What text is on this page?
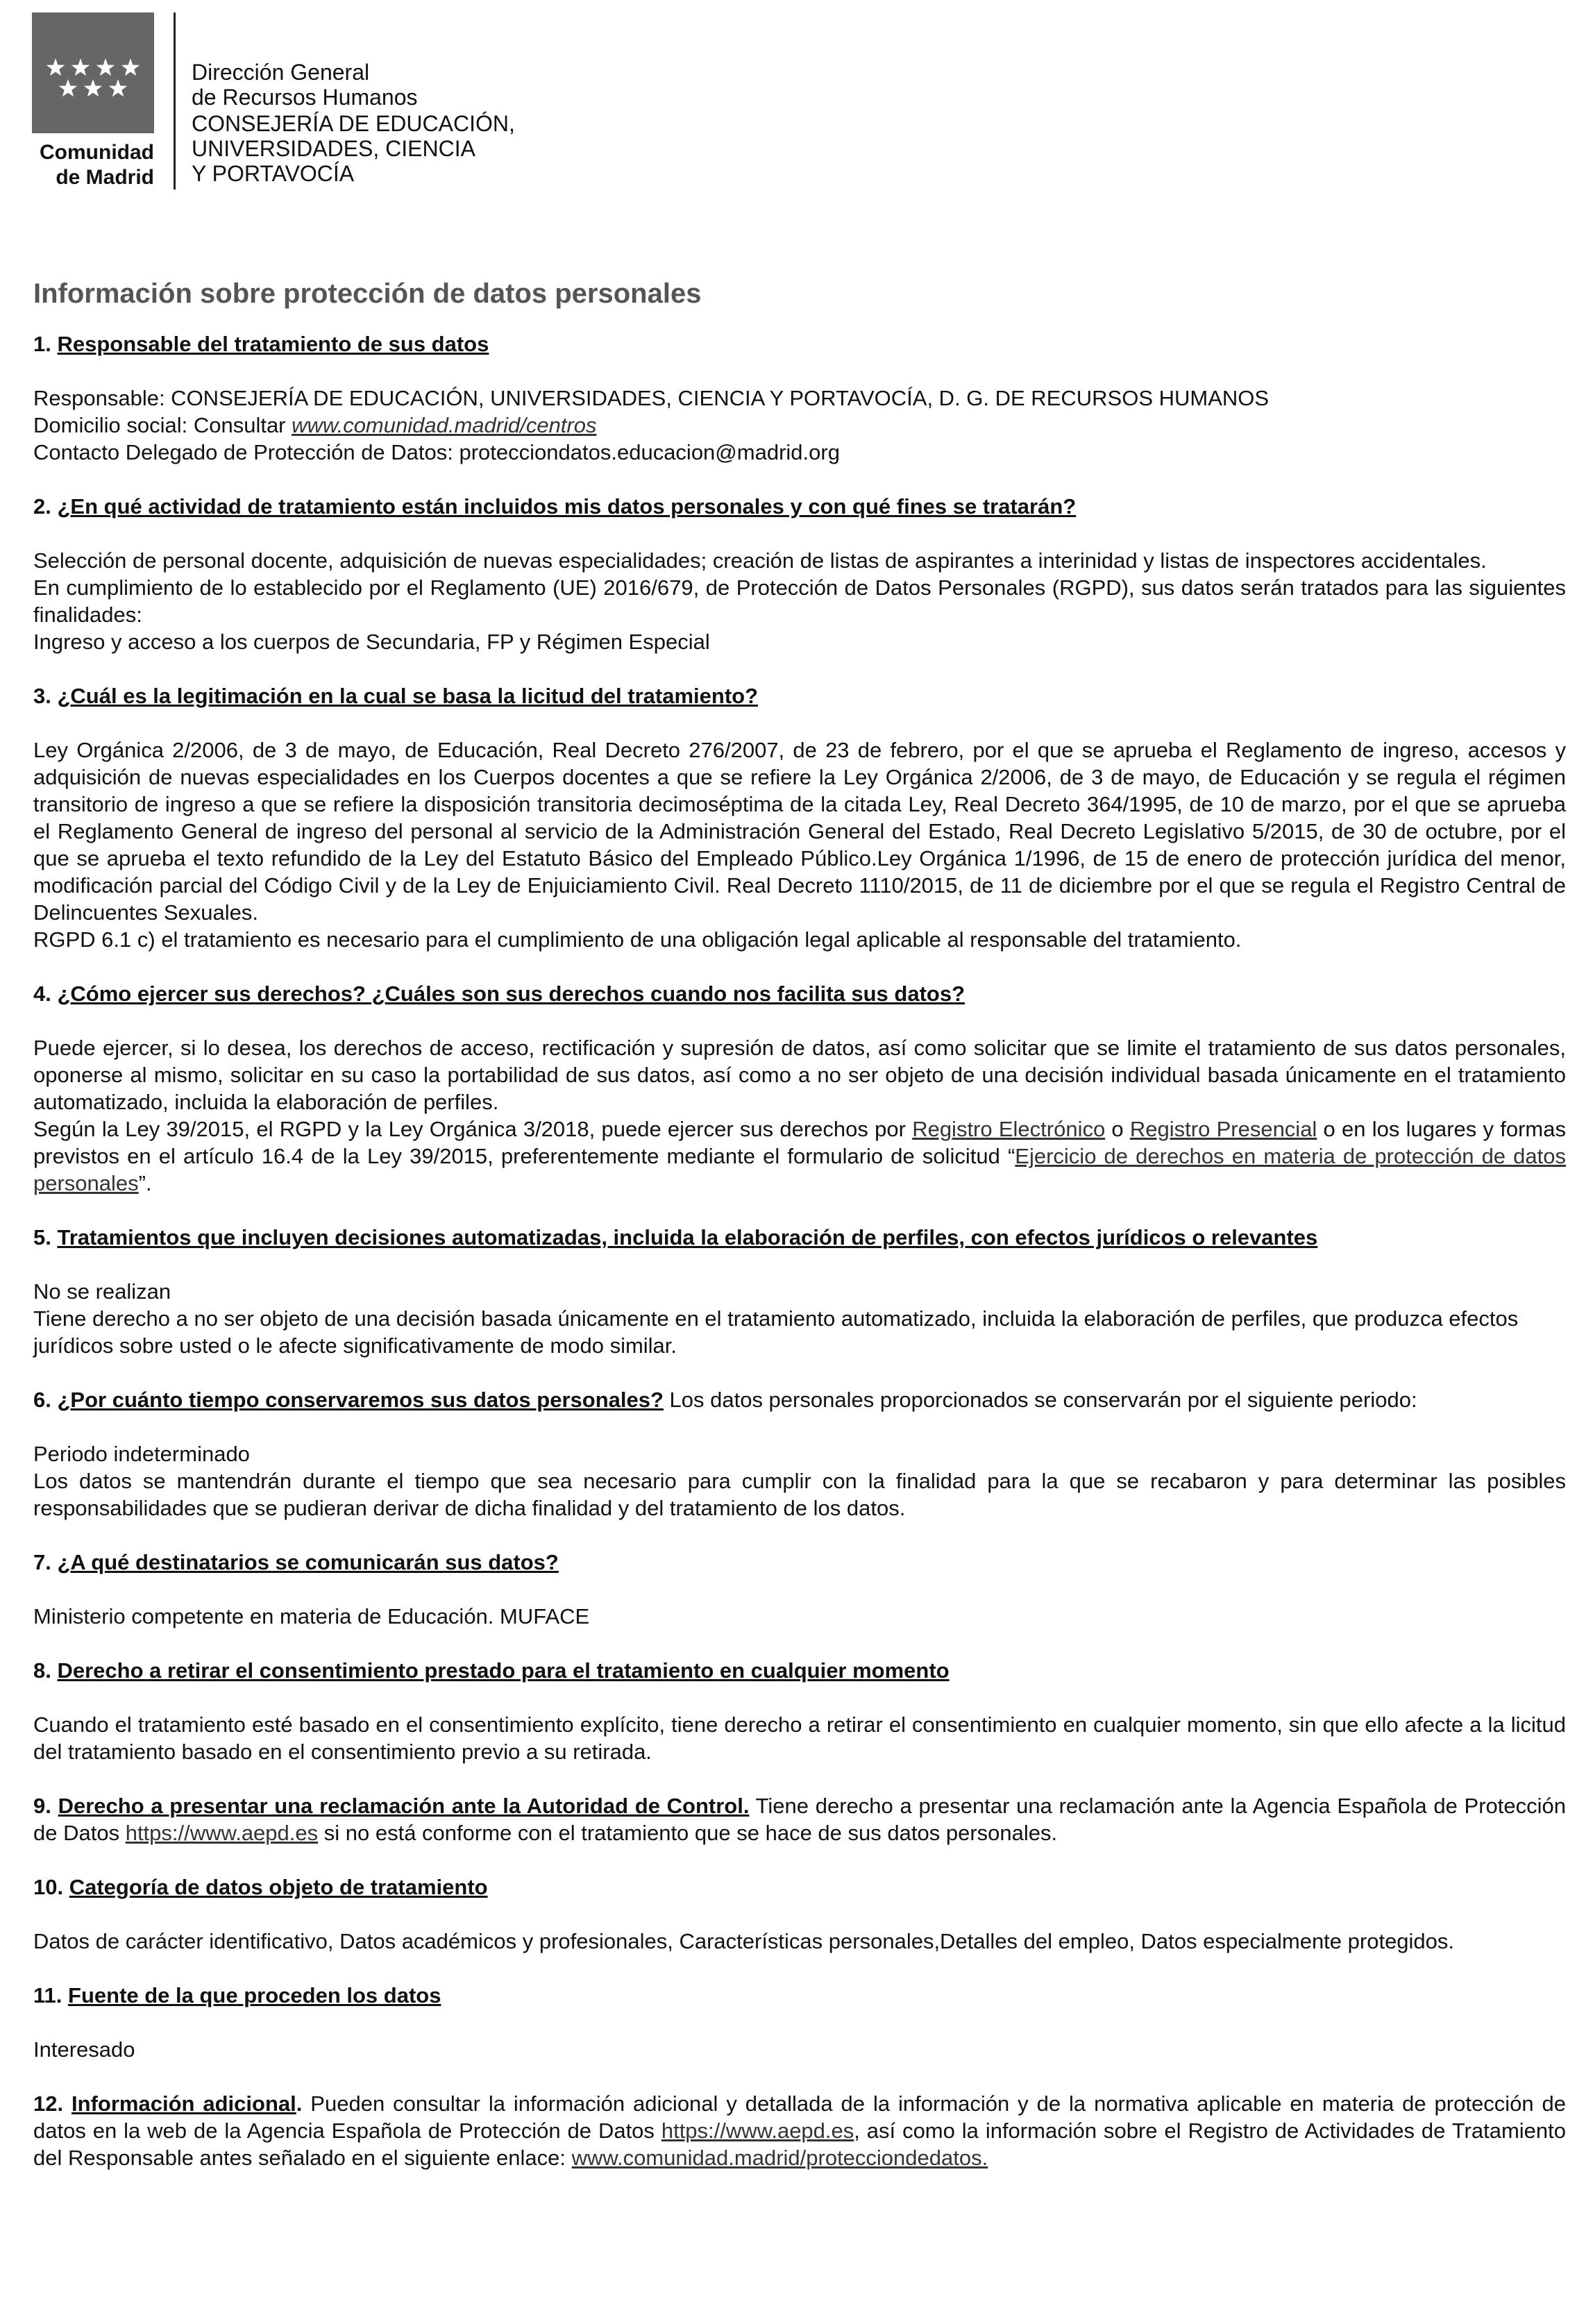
Comunidad
de Madrid
Dirección General
de Recursos Humanos
CONSEJERÍA DE EDUCACIÓN,
UNIVERSIDADES, CIENCIA
Y PORTAVOCÍA
Información sobre protección de datos personales
1. Responsable del tratamiento de sus datos

Responsable: CONSEJERÍA DE EDUCACIÓN, UNIVERSIDADES, CIENCIA Y PORTAVOCÍA, D. G. DE RECURSOS HUMANOS

Domicilio social: Consultar www.comunidad.madrid/centros

Contacto Delegado de Protección de Datos: protecciondatos.educacion@madrid.org

2. ¿En qué actividad de tratamiento están incluidos mis datos personales y con qué fines se tratarán?

Selección de personal docente, adquisición de nuevas especialidades; creación de listas de aspirantes a interinidad y listas de inspectores accidentales.

En cumplimiento de lo establecido por el Reglamento (UE) 2016/679, de Protección de Datos Personales (RGPD), sus datos serán tratados para las siguientes finalidades:

Ingreso y acceso a los cuerpos de Secundaria, FP y Régimen Especial

3. ¿Cuál es la legitimación en la cual se basa la licitud del tratamiento?

Ley Orgánica 2/2006, de 3 de mayo, de Educación, Real Decreto 276/2007, de 23 de febrero, por el que se aprueba el Reglamento de ingreso, accesos y adquisición de nuevas especialidades en los Cuerpos docentes a que se refiere la Ley Orgánica 2/2006, de 3 de mayo, de Educación y se regula el régimen transitorio de ingreso a que se refiere la disposición transitoria decimoséptima de la citada Ley, Real Decreto 364/1995, de 10 de marzo, por el que se aprueba el Reglamento General de ingreso del personal al servicio de la Administración General del Estado, Real Decreto Legislativo 5/2015, de 30 de octubre, por el que se aprueba el texto refundido de la Ley del Estatuto Básico del Empleado Público.Ley Orgánica 1/1996, de 15 de enero de protección jurídica del menor, modificación parcial del Código Civil y de la Ley de Enjuiciamiento Civil. Real Decreto 1110/2015, de 11 de diciembre por el que se regula el Registro Central de Delincuentes Sexuales.

RGPD 6.1 c) el tratamiento es necesario para el cumplimiento de una obligación legal aplicable al responsable del tratamiento.

4. ¿Cómo ejercer sus derechos? ¿Cuáles son sus derechos cuando nos facilita sus datos?

Puede ejercer, si lo desea, los derechos de acceso, rectificación y supresión de datos, así como solicitar que se limite el tratamiento de sus datos personales, oponerse al mismo, solicitar en su caso la portabilidad de sus datos, así como a no ser objeto de una decisión individual basada únicamente en el tratamiento automatizado, incluida la elaboración de perfiles.

Según la Ley 39/2015, el RGPD y la Ley Orgánica 3/2018, puede ejercer sus derechos por Registro Electrónico o Registro Presencial o en los lugares y formas previstos en el artículo 16.4 de la Ley 39/2015, preferentemente mediante el formulario de solicitud “Ejercicio de derechos en materia de protección de datos personales”.

5. Tratamientos que incluyen decisiones automatizadas, incluida la elaboración de perfiles, con efectos jurídicos o relevantes

No se realizan

Tiene derecho a no ser objeto de una decisión basada únicamente en el tratamiento automatizado, incluida la elaboración de perfiles, que produzca efectos jurídicos sobre usted o le afecte significativamente de modo similar.

6. ¿Por cuánto tiempo conservaremos sus datos personales? Los datos personales proporcionados se conservarán por el siguiente periodo:

Periodo indeterminado

Los datos se mantendrán durante el tiempo que sea necesario para cumplir con la finalidad para la que se recabaron y para determinar las posibles responsabilidades que se pudieran derivar de dicha finalidad y del tratamiento de los datos.

7. ¿A qué destinatarios se comunicarán sus datos?

Ministerio competente en materia de Educación. MUFACE

8. Derecho a retirar el consentimiento prestado para el tratamiento en cualquier momento

Cuando el tratamiento esté basado en el consentimiento explícito, tiene derecho a retirar el consentimiento en cualquier momento, sin que ello afecte a la licitud del tratamiento basado en el consentimiento previo a su retirada.

9. Derecho a presentar una reclamación ante la Autoridad de Control. Tiene derecho a presentar una reclamación ante la Agencia Española de Protección de Datos https://www.aepd.es si no está conforme con el tratamiento que se hace de sus datos personales.

10. Categoría de datos objeto de tratamiento

Datos de carácter identificativo, Datos académicos y profesionales, Características personales,Detalles del empleo, Datos especialmente protegidos.

11. Fuente de la que proceden los datos

Interesado

12. Información adicional. Pueden consultar la información adicional y detallada de la información y de la normativa aplicable en materia de protección de datos en la web de la Agencia Española de Protección de Datos https://www.aepd.es, así como la información sobre el Registro de Actividades de Tratamiento del Responsable antes señalado en el siguiente enlace: www.comunidad.madrid/protecciondedatos.
